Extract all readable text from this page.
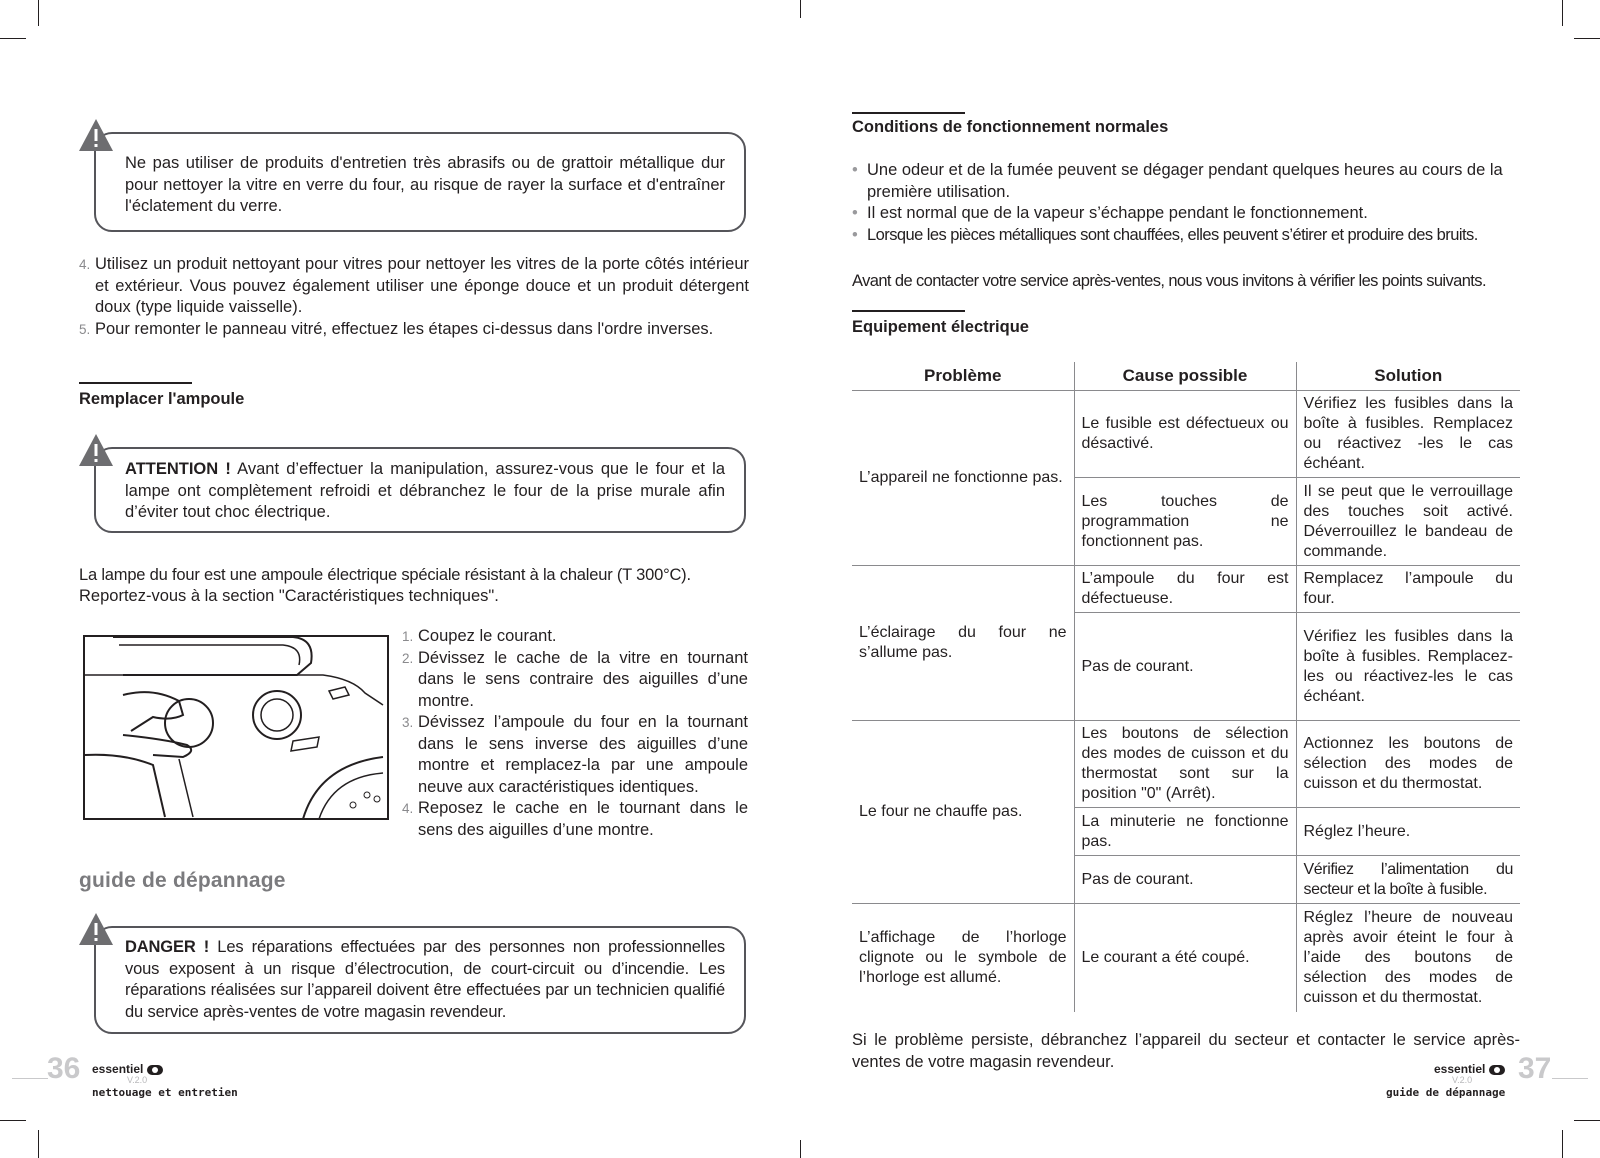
Ne pas utiliser de produits d'entretien très abrasifs ou de grattoir métallique dur pour nettoyer la vitre en verre du four, au risque de rayer la surface et d'entraîner l'éclatement du verre.
4. Utilisez un produit nettoyant pour vitres pour nettoyer les vitres de la porte côtés intérieur et extérieur. Vous pouvez également utiliser une éponge douce et un produit détergent doux (type liquide vaisselle).
5. Pour remonter le panneau vitré, effectuez les étapes ci-dessus dans l'ordre inverses.
Remplacer l'ampoule
ATTENTION ! Avant d’effectuer la manipulation, assurez-vous que le four et la lampe ont complètement refroidi et débranchez le four de la prise murale afin d’éviter tout choc électrique.

La lampe du four est une ampoule électrique spéciale résistant à la chaleur (T 300°C).

Reportez-vous à la section "Caractéristiques techniques".

1. Coupez le courant.
2. Dévissez le cache de la vitre en tournant dans le sens contraire des aiguilles d’une montre.
3. Dévissez l’ampoule du four en la tournant dans le sens inverse des aiguilles d’une montre et remplacez-la par une ampoule neuve aux caractéristiques identiques.
4. Reposez le cache en le tournant dans le sens des aiguilles d’une montre.
guide de dépannage
DANGER ! Les réparations effectuées par des personnes non professionnelles vous exposent à un risque d’électrocution, de court-circuit ou d’incendie. Les réparations réalisées sur l’appareil doivent être effectuées par un technicien qualifié du service après-ventes de votre magasin revendeur.
36 essentiel
V.2.0
nettouage et entretien
Conditions de fonctionnement normales
• Une odeur et de la fumée peuvent se dégager pendant quelques heures au cours de la première utilisation.
• Il est normal que de la vapeur s’échappe pendant le fonctionnement.
• Lorsque les pièces métalliques sont chauffées, elles peuvent s’étirer et produire des bruits.

Avant de contacter votre service après-ventes, nous vous invitons à vérifier les points suivants.

Equipement électrique
Problème	Cause possible	Solution
L’appareil ne fonctionne pas.	Le fusible est défectueux ou désactivé.	Vérifiez les fusibles dans la boîte à fusibles. Remplacez ou réactivez -les le cas échéant.
	Les touches de programmation ne fonctionnent pas.	Il se peut que le verrouillage des touches soit activé. Déverrouillez le bandeau de commande.
L’éclairage du four ne s’allume pas.	L’ampoule du four est défectueuse.	Remplacez l’ampoule du four.
	Pas de courant.	Vérifiez les fusibles dans la boîte à fusibles. Remplacez-les ou réactivez-les le cas échéant.
Le four ne chauffe pas.	Les boutons de sélection des modes de cuisson et du thermostat sont sur la position "0" (Arrêt).	Actionnez les boutons de sélection des modes de cuisson et du thermostat.
	La minuterie ne fonctionne pas.	Réglez l’heure.
	Pas de courant.	Vérifiez l’alimentation du secteur et la boîte à fusible.
L’affichage de l’horloge clignote ou le symbole de l’horloge est allumé.	Le courant a été coupé.	Réglez l’heure de nouveau après avoir éteint le four à l’aide des boutons de sélection des modes de cuisson et du thermostat.

Si le problème persiste, débranchez l’appareil du secteur et contacter le service après-ventes de votre magasin revendeur.	essentiel
V.2.0 37
guide de dépannage
